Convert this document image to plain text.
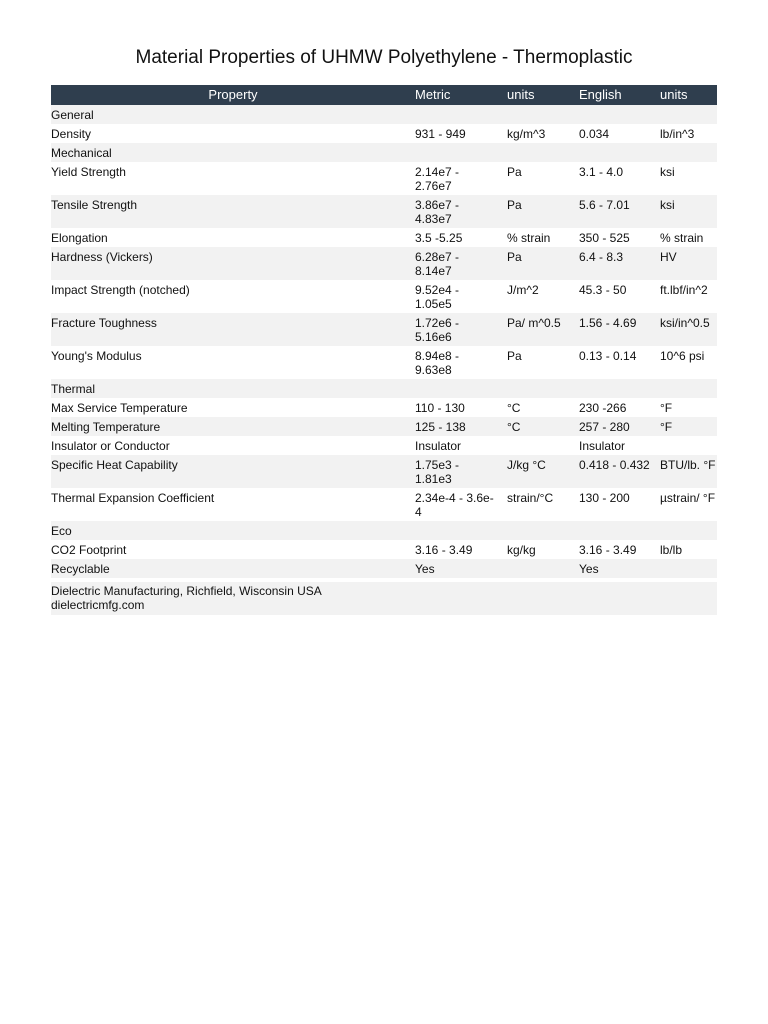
Material Properties of UHMW Polyethylene - Thermoplastic
Property	Metric	units	English	units
General				
Density	931 - 949	kg/m^3	0.034	lb/in^3
Mechanical				
Yield Strength	2.14e7 - 2.76e7	Pa	3.1 - 4.0	ksi
Tensile Strength	3.86e7 - 4.83e7	Pa	5.6 - 7.01	ksi
Elongation	3.5 -5.25	% strain	350 - 525	% strain
Hardness (Vickers)	6.28e7 - 8.14e7	Pa	6.4 - 8.3	HV
Impact Strength (notched)	9.52e4 - 1.05e5	J/m^2	45.3 - 50	ft.lbf/in^2
Fracture Toughness	1.72e6 - 5.16e6	Pa/ m^0.5	1.56 - 4.69	ksi/in^0.5
Young's Modulus	8.94e8 - 9.63e8	Pa	0.13 - 0.14	10^6 psi
Thermal				
Max Service Temperature	110 - 130	°C	230 -266	°F
Melting Temperature	125 - 138	°C	257 - 280	°F
Insulator or Conductor	Insulator		Insulator	
Specific Heat Capability	1.75e3 - 1.81e3	J/kg °C	0.418 - 0.432	BTU/lb. °F
Thermal Expansion Coefficient	2.34e-4 - 3.6e-4	strain/°C	130 - 200	µstrain/ °F
Eco				
CO2 Footprint	3.16 - 3.49	kg/kg	3.16 - 3.49	lb/lb
Recyclable	Yes		Yes	

Dielectric Manufacturing, Richfield, Wisconsin USA
dielectricmfg.com				
